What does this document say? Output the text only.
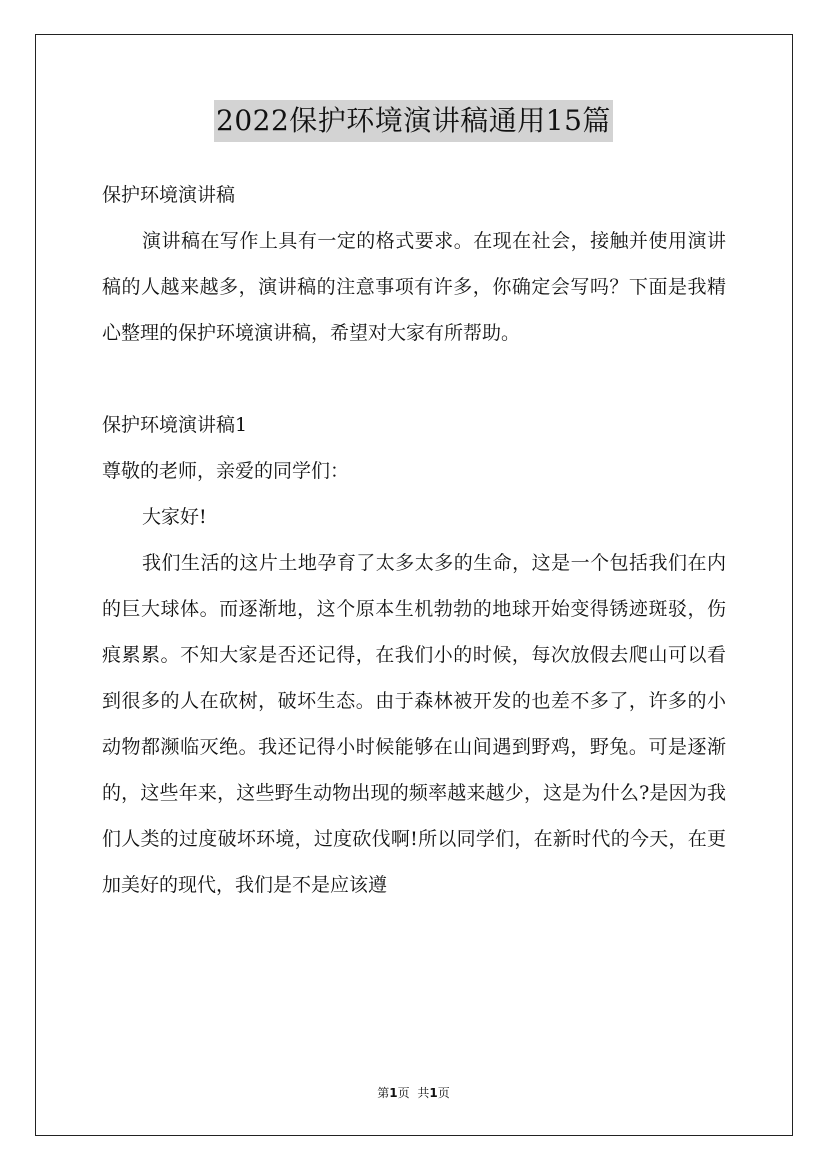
2022保护环境演讲稿通用15篇

保护环境演讲稿

演讲稿在写作上具有一定的格式要求。在现在社会，接触并使用演讲稿的人越来越多，演讲稿的注意事项有许多，你确定会写吗？下面是我精心整理的保护环境演讲稿，希望对大家有所帮助。

保护环境演讲稿1

尊敬的老师，亲爱的同学们：

大家好!

我们生活的这片土地孕育了太多太多的生命，这是一个包括我们在内的巨大球体。而逐渐地，这个原本生机勃勃的地球开始变得锈迹斑驳，伤痕累累。不知大家是否还记得，在我们小的时候，每次放假去爬山可以看到很多的人在砍树，破坏生态。由于森林被开发的也差不多了，许多的小动物都濒临灭绝。我还记得小时候能够在山间遇到野鸡，野兔。可是逐渐的，这些年来，这些野生动物出现的频率越来越少，这是为什么?是因为我们人类的过度破坏环境，过度砍伐啊!所以同学们，在新时代的今天，在更加美好的现代，我们是不是应该遵

第1页 共1页
